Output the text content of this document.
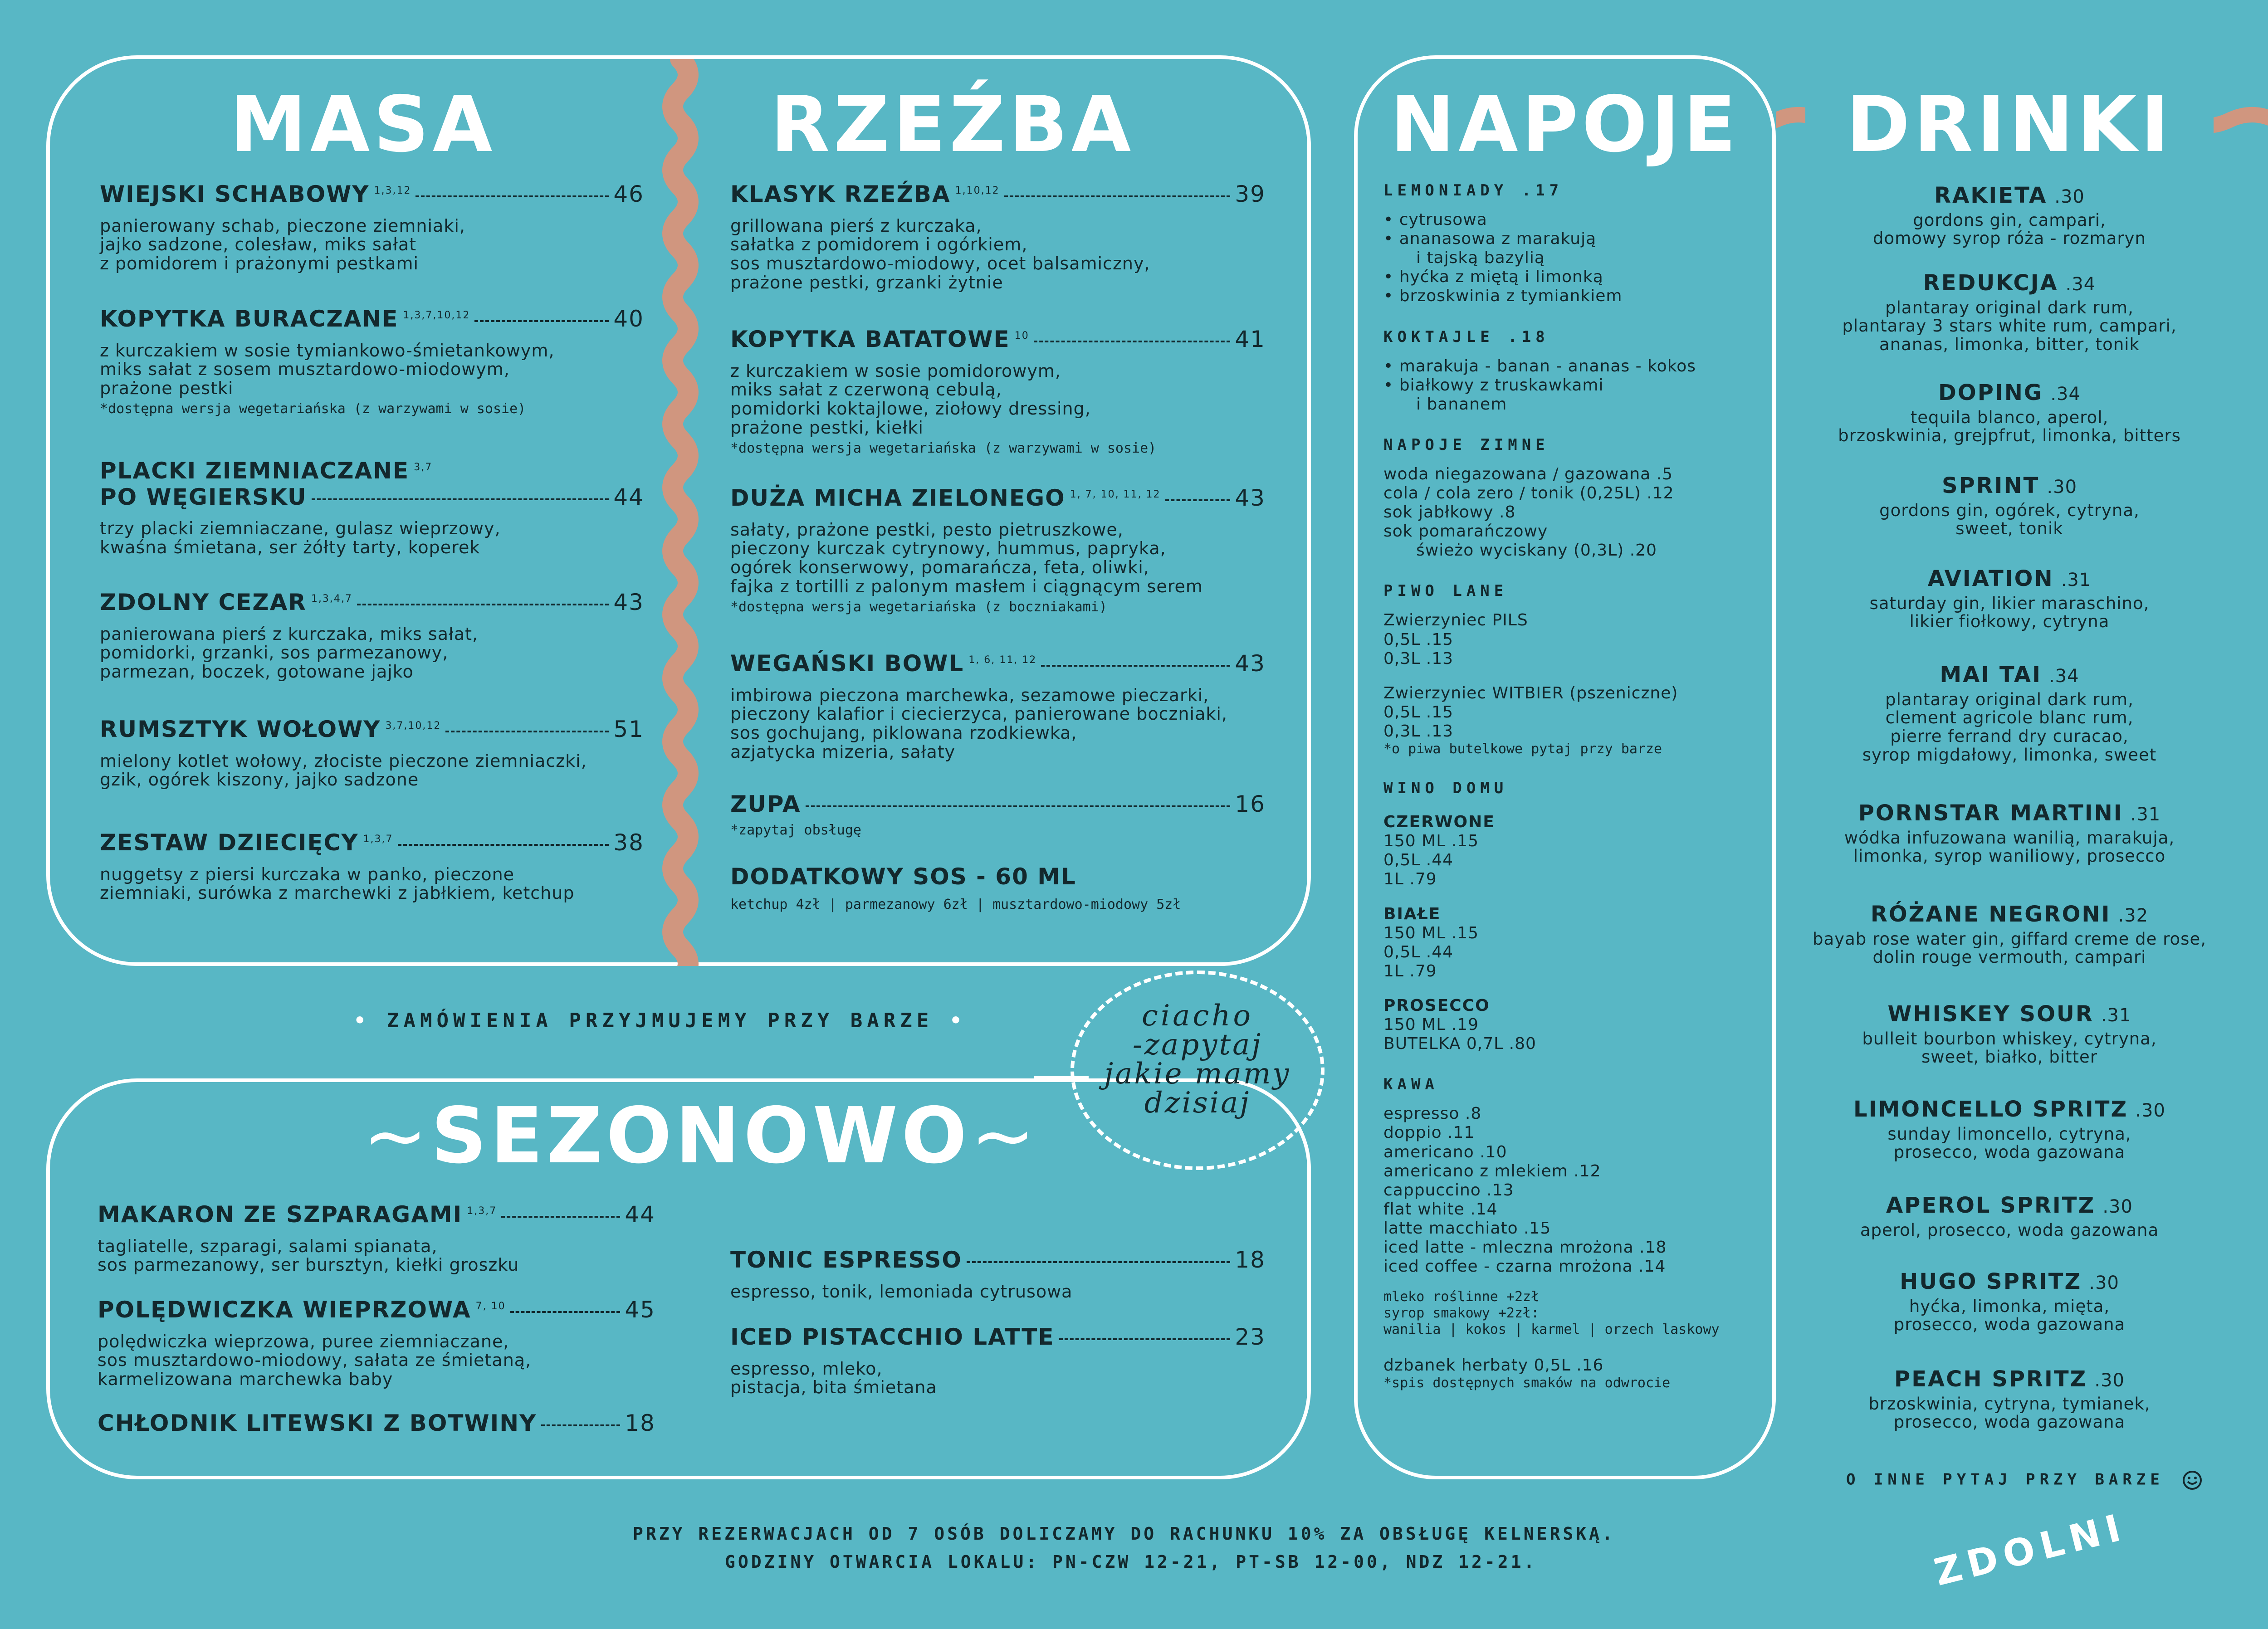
MASA	RZEŹBA	NAPOJE	DRINKI
~SEZONOWO~
WIEJSKI SCHABOWY 1,3,12	46
panierowany schab, pieczone ziemniaki,
jajko sadzone, colesław, miks sałat
z pomidorem i prażonymi pestkami
KOPYTKA BURACZANE 1,3,7,10,12	40
z kurczakiem w sosie tymiankowo-śmietankowym,
miks sałat z sosem musztardowo-miodowym,
prażone pestki
*dostępna wersja wegetariańska (z warzywami w sosie)
PLACKI ZIEMNIACZANE 3,7
PO WĘGIERSKU	44
trzy placki ziemniaczane, gulasz wieprzowy,
kwaśna śmietana, ser żółty tarty, koperek
ZDOLNY CEZAR 1,3,4,7	43
panierowana pierś z kurczaka, miks sałat,
pomidorki, grzanki, sos parmezanowy,
parmezan, boczek, gotowane jajko
RUMSZTYK WOŁOWY 3,7,10,12	51
mielony kotlet wołowy, złociste pieczone ziemniaczki,
gzik, ogórek kiszony, jajko sadzone
ZESTAW DZIECIĘCY 1,3,7	38
nuggetsy z piersi kurczaka w panko, pieczone
ziemniaki, surówka z marchewki z jabłkiem, ketchup
KLASYK RZEŹBA 1,10,12	39
grillowana pierś z kurczaka,
sałatka z pomidorem i ogórkiem,
sos musztardowo-miodowy, ocet balsamiczny,
prażone pestki, grzanki żytnie
KOPYTKA BATATOWE 10	41
z kurczakiem w sosie pomidorowym,
miks sałat z czerwoną cebulą,
pomidorki koktajlowe, ziołowy dressing,
prażone pestki, kiełki
*dostępna wersja wegetariańska (z warzywami w sosie)
DUŻA MICHA ZIELONEGO 1, 7, 10, 11, 12	43
sałaty, prażone pestki, pesto pietruszkowe,
pieczony kurczak cytrynowy, hummus, papryka,
ogórek konserwowy, pomarańcza, feta, oliwki,
fajka z tortilli z palonym masłem i ciągnącym serem
*dostępna wersja wegetariańska (z boczniakami)
WEGAŃSKI BOWL 1, 6, 11, 12	43
imbirowa pieczona marchewka, sezamowe pieczarki,
pieczony kalafior i ciecierzyca, panierowane boczniaki,
sos gochujang, piklowana rzodkiewka,
azjatycka mizeria, sałaty
ZUPA	16
*zapytaj obsługę
DODATKOWY SOS - 60 ML
ketchup 4zł | parmezanowy 6zł | musztardowo-miodowy 5zł
• ZAMÓWIENIA PRZYJMUJEMY PRZY BARZE •	ciacho
-zapytaj
jakie mamy
dzisiaj
MAKARON ZE SZPARAGAMI 1,3,7	44
tagliatelle, szparagi, salami spianata,
sos parmezanowy, ser bursztyn, kiełki groszku
POLĘDWICZKA WIEPRZOWA 7, 10	45
polędwiczka wieprzowa, puree ziemniaczane,
sos musztardowo-miodowy, sałata ze śmietaną,
karmelizowana marchewka baby
CHŁODNIK LITEWSKI Z BOTWINY	18
TONIC ESPRESSO	18
espresso, tonik, lemoniada cytrusowa
ICED PISTACCHIO LATTE	23
espresso, mleko,
pistacja, bita śmietana
LEMONIADY .17
• cytrusowa
• ananasowa z marakują
i tajską bazylią
• hyćka z miętą i limonką
• brzoskwinia z tymiankiem
KOKTAJLE .18
• marakuja - banan - ananas - kokos
• białkowy z truskawkami
i bananem
NAPOJE ZIMNE
woda niegazowana / gazowana .5
cola / cola zero / tonik (0,25L) .12
sok jabłkowy .8
sok pomarańczowy
świeżo wyciskany (0,3L) .20
PIWO LANE
Zwierzyniec PILS
0,5L .15
0,3L .13
Zwierzyniec WITBIER (pszeniczne)
0,5L .15
0,3L .13
*o piwa butelkowe pytaj przy barze
WINO DOMU
CZERWONE
150 ML .15
0,5L .44
1L .79
BIAŁE
150 ML .15
0,5L .44
1L .79
PROSECCO
150 ML .19
BUTELKA 0,7L .80
KAWA
espresso .8
doppio .11
americano .10
americano z mlekiem .12
cappuccino .13
flat white .14
latte macchiato .15
iced latte - mleczna mrożona .18
iced coffee - czarna mrożona .14
mleko roślinne +2zł
syrop smakowy +2zł:
wanilia | kokos | karmel | orzech laskowy
dzbanek herbaty 0,5L .16
*spis dostępnych smaków na odwrocie
RAKIETA .30
gordons gin, campari,
domowy syrop róża - rozmaryn
REDUKCJA .34
plantaray original dark rum,
plantaray 3 stars white rum, campari,
ananas, limonka, bitter, tonik
DOPING .34
tequila blanco, aperol,
brzoskwinia, grejpfrut, limonka, bitters
SPRINT .30
gordons gin, ogórek, cytryna,
sweet, tonik
AVIATION .31
saturday gin, likier maraschino,
likier fiołkowy, cytryna
MAI TAI .34
plantaray original dark rum,
clement agricole blanc rum,
pierre ferrand dry curacao,
syrop migdałowy, limonka, sweet
PORNSTAR MARTINI .31
wódka infuzowana wanilią, marakuja,
limonka, syrop waniliowy, prosecco
RÓŻANE NEGRONI .32
bayab rose water gin, giffard creme de rose,
dolin rouge vermouth, campari
WHISKEY SOUR .31
bulleit bourbon whiskey, cytryna,
sweet, białko, bitter
LIMONCELLO SPRITZ .30
sunday limoncello, cytryna,
prosecco, woda gazowana
APEROL SPRITZ .30
aperol, prosecco, woda gazowana
HUGO SPRITZ .30
hyćka, limonka, mięta,
prosecco, woda gazowana
PEACH SPRITZ .30
brzoskwinia, cytryna, tymianek,
prosecco, woda gazowana
O INNE PYTAJ PRZY BARZE
PRZY REZERWACJACH OD 7 OSÓB DOLICZAMY DO RACHUNKU 10% ZA OBSŁUGĘ KELNERSKĄ.
GODZINY OTWARCIA LOKALU: PN-CZW 12-21, PT-SB 12-00, NDZ 12-21.	ZDOLNI
